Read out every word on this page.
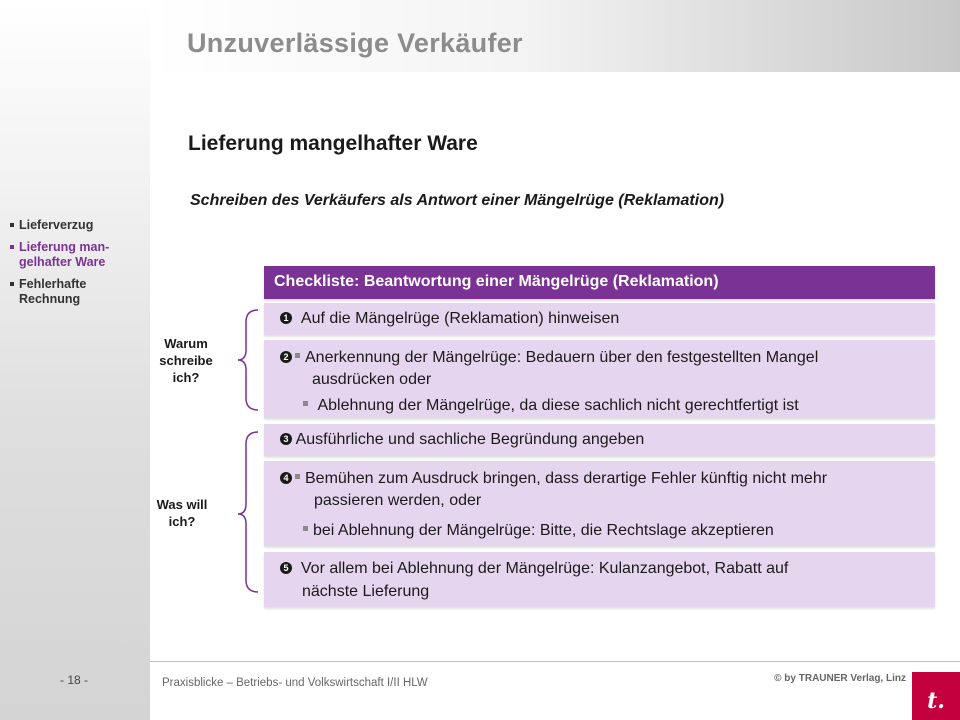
Unzuverlässige Verkäufer
Lieferung mangelhafter Ware
Schreiben des Verkäufers als Antwort einer Mängelrüge (Reklamation)
Lieferverzug
Lieferung man-
gelhafter Ware
Fehlerhafte
Rechnung
Checkliste: Beantwortung einer Mängelrüge (Reklamation)
1 Auf die Mängelrüge (Reklamation) hinweisen
2 Anerkennung der Mängelrüge: Bedauern über den festgestellten Mangel
ausdrücken oder
Ablehnung der Mängelrüge, da diese sachlich nicht gerechtfertigt ist
3 Ausführliche und sachliche Begründung angeben
4 Bemühen zum Ausdruck bringen, dass derartige Fehler künftig nicht mehr
passieren werden, oder
bei Ablehnung der Mängelrüge: Bitte, die Rechtslage akzeptieren
5 Vor allem bei Ablehnung der Mängelrüge: Kulanzangebot, Rabatt auf
nächste Lieferung
Warum
schreibe
ich?
Was will
ich?
- 18 -	Praxisblicke – Betriebs- und Volkswirtschaft I/II HLW	© by TRAUNER Verlag, Linz
t.
